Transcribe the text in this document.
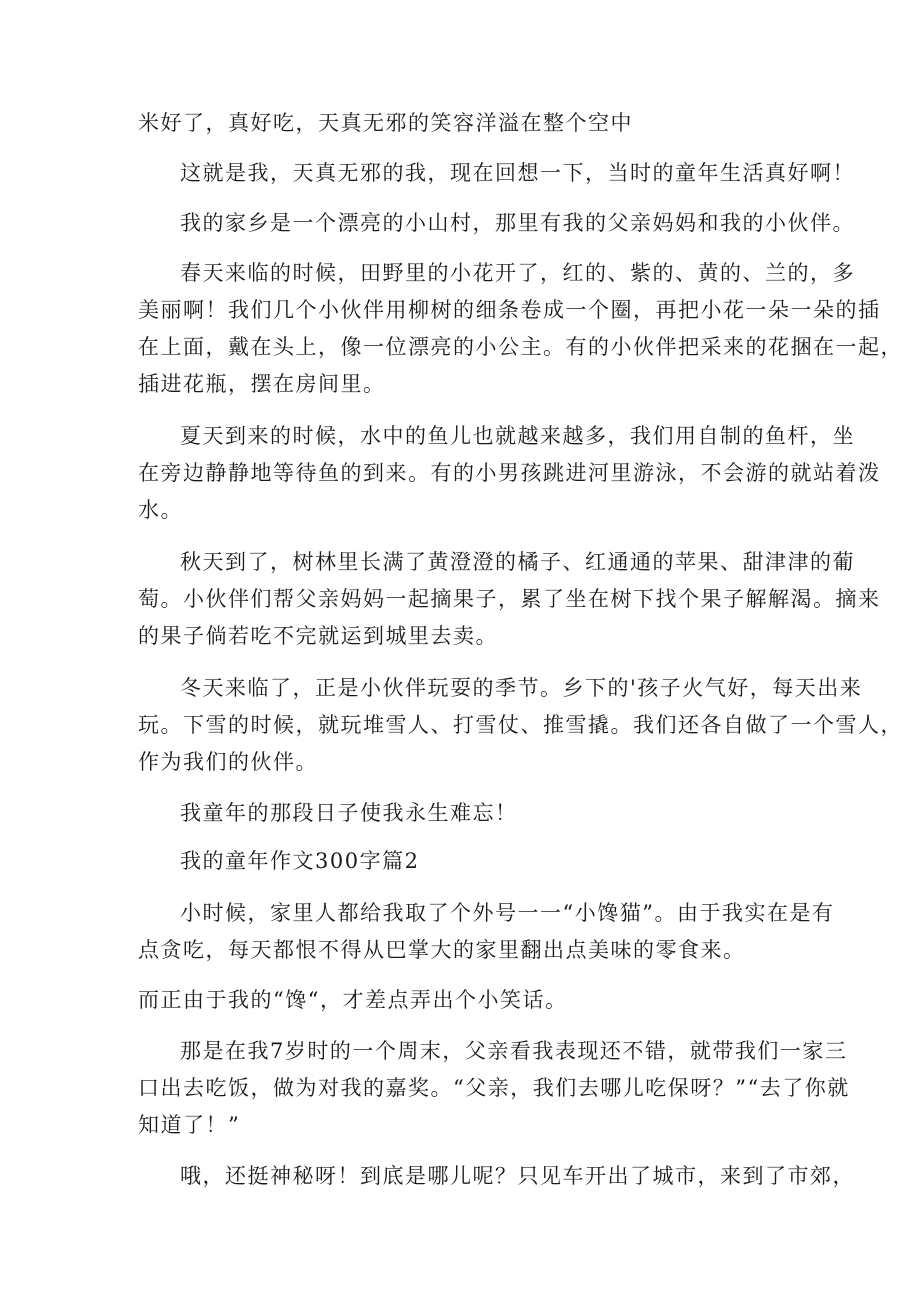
米好了，真好吃，天真无邪的笑容洋溢在整个空中
这就是我，天真无邪的我，现在回想一下，当时的童年生活真好啊！
我的家乡是一个漂亮的小山村，那里有我的父亲妈妈和我的小伙伴。
春天来临的时候，田野里的小花开了，红的、紫的、黄的、兰的，多
美丽啊！我们几个小伙伴用柳树的细条卷成一个圈，再把小花一朵一朵的插
在上面，戴在头上，像一位漂亮的小公主。有的小伙伴把采来的花捆在一起，
插进花瓶，摆在房间里。
夏天到来的时候，水中的鱼儿也就越来越多，我们用自制的鱼杆，坐
在旁边静静地等待鱼的到来。有的小男孩跳进河里游泳，不会游的就站着泼
水。
秋天到了，树林里长满了黄澄澄的橘子、红通通的苹果、甜津津的葡
萄。小伙伴们帮父亲妈妈一起摘果子，累了坐在树下找个果子解解渴。摘来
的果子倘若吃不完就运到城里去卖。
冬天来临了，正是小伙伴玩耍的季节。乡下的'孩子火气好，每天出来
玩。下雪的时候，就玩堆雪人、打雪仗、推雪撬。我们还各自做了一个雪人，
作为我们的伙伴。
我童年的那段日子使我永生难忘！
我的童年作文300字篇2
小时候，家里人都给我取了个外号一一“小馋猫”。由于我实在是有
点贪吃，每天都恨不得从巴掌大的家里翻出点美味的零食来。
而正由于我的“馋“，才差点弄出个小笑话。
那是在我7岁时的一个周末，父亲看我表现还不错，就带我们一家三
口出去吃饭，做为对我的嘉奖。“父亲，我们去哪儿吃保呀？”“去了你就
知道了！”
哦，还挺神秘呀！到底是哪儿呢？只见车开出了城市，来到了市郊，
